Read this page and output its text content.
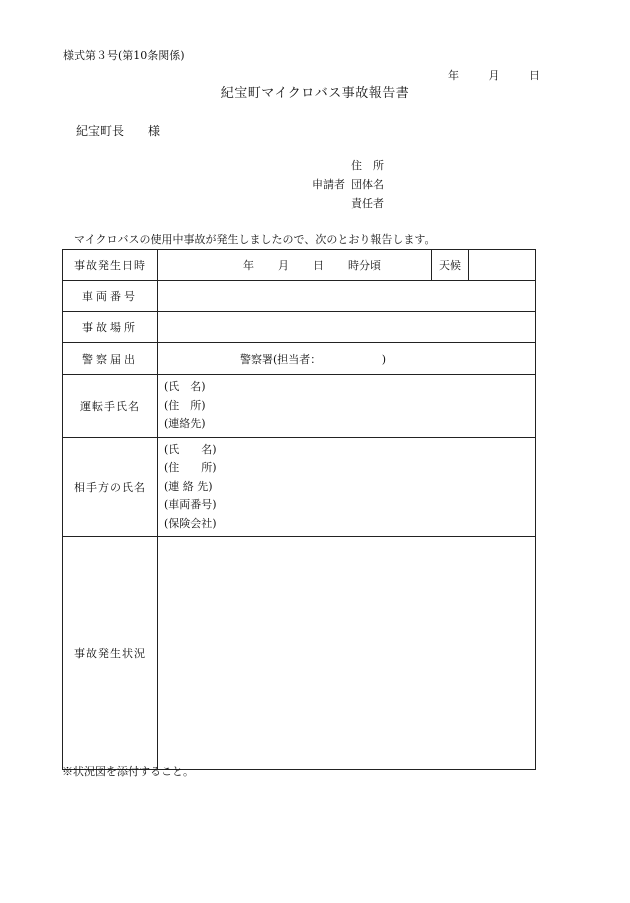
様式第３号(第10条関係)
年	月	日
紀宝町マイクロバス事故報告書
紀宝町長 様
住　所
申請者 団体名
責任者
マイクロバスの使用中事故が発生しましたので、次のとおり報告します。
事故発生日時	年 月 日 時分頃	天候	
車両番号			
事故場所			
警察届出	警察署(担当者：　　　　　　)		

運転手氏名	(氏　名)
(住　所)
(連絡先)		

相手方の氏名	(氏　　名)
(住　　所)
(連 絡 先)
(車両番号)
(保険会社)		

事故発生状況			
※状況図を添付すること。
